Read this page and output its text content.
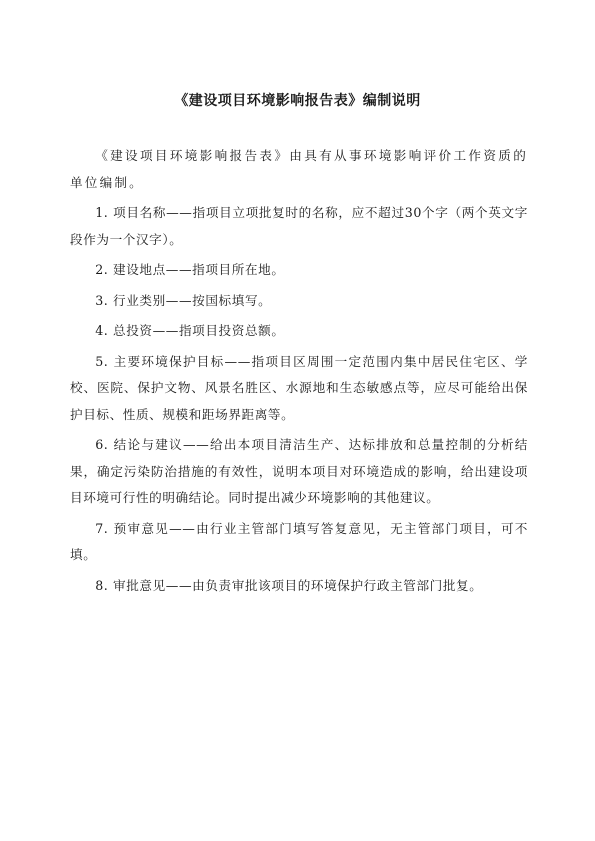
《建设项目环境影响报告表》编制说明

《建设项目环境影响报告表》由具有从事环境影响评价工作资质的单位编制。

1. 项目名称——指项目立项批复时的名称，应不超过30个字（两个英文字段作为一个汉字）。

2. 建设地点——指项目所在地。

3. 行业类别——按国标填写。

4. 总投资——指项目投资总额。

5. 主要环境保护目标——指项目区周围一定范围内集中居民住宅区、学校、医院、保护文物、风景名胜区、水源地和生态敏感点等，应尽可能给出保护目标、性质、规模和距场界距离等。

6. 结论与建议——给出本项目清洁生产、达标排放和总量控制的分析结果，确定污染防治措施的有效性，说明本项目对环境造成的影响，给出建设项目环境可行性的明确结论。同时提出减少环境影响的其他建议。

7. 预审意见——由行业主管部门填写答复意见，无主管部门项目，可不填。

8. 审批意见——由负责审批该项目的环境保护行政主管部门批复。
